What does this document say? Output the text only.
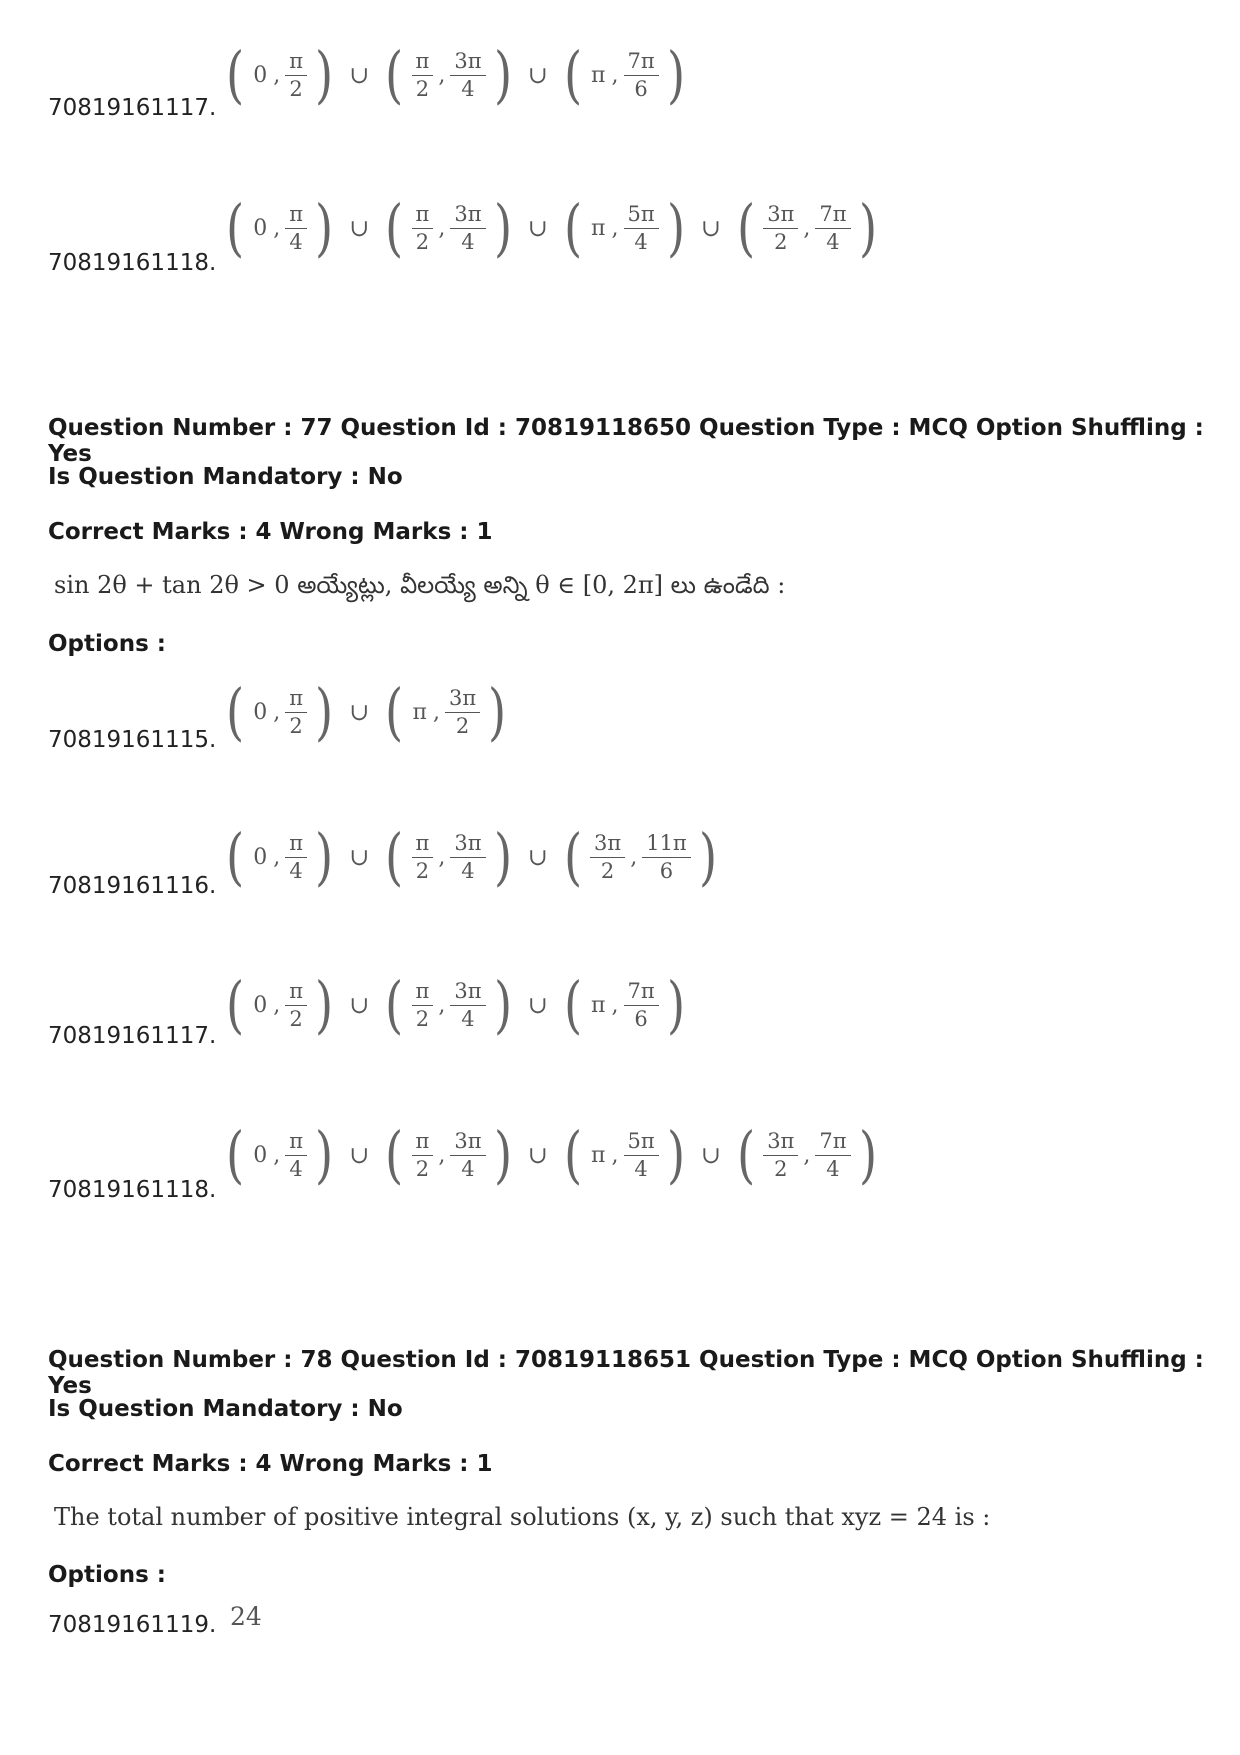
70819161117. ( 0 , $\frac{\pi}{2}$ ) ∪ ( $\frac{\pi}{2}$ , $\frac{3\pi}{4}$ ) ∪ ( π , $\frac{7\pi}{6}$ )
70819161118. ( 0 , $\frac{\pi}{4}$ ) ∪ ( $\frac{\pi}{2}$ , $\frac{3\pi}{4}$ ) ∪ ( π , $\frac{5\pi}{4}$ ) ∪ ( $\frac{3\pi}{2}$ , $\frac{7\pi}{4}$ )
Question Number : 77 Question Id : 70819118650 Question Type : MCQ Option Shuffling : Yes
Is Question Mandatory : No
Correct Marks : 4 Wrong Marks : 1
sin 2θ + tan 2θ > 0 అయ్యేట్లు, వీలయ్యే అన్ని θ ∈ [0, 2π] లు ఉండేది :
Options :
70819161115. ( 0 , $\frac{\pi}{2}$ ) ∪ ( π , $\frac{3\pi}{2}$ )
70819161116. ( 0 , $\frac{\pi}{4}$ ) ∪ ( $\frac{\pi}{2}$ , $\frac{3\pi}{4}$ ) ∪ ( $\frac{3\pi}{2}$ , $\frac{11\pi}{6}$ )
70819161117. ( 0 , $\frac{\pi}{2}$ ) ∪ ( $\frac{\pi}{2}$ , $\frac{3\pi}{4}$ ) ∪ ( π , $\frac{7\pi}{6}$ )
70819161118. ( 0 , $\frac{\pi}{4}$ ) ∪ ( $\frac{\pi}{2}$ , $\frac{3\pi}{4}$ ) ∪ ( π , $\frac{5\pi}{4}$ ) ∪ ( $\frac{3\pi}{2}$ , $\frac{7\pi}{4}$ )
Question Number : 78 Question Id : 70819118651 Question Type : MCQ Option Shuffling : Yes
Is Question Mandatory : No
Correct Marks : 4 Wrong Marks : 1
The total number of positive integral solutions (x, y, z) such that xyz = 24 is :
Options :
70819161119. 24
